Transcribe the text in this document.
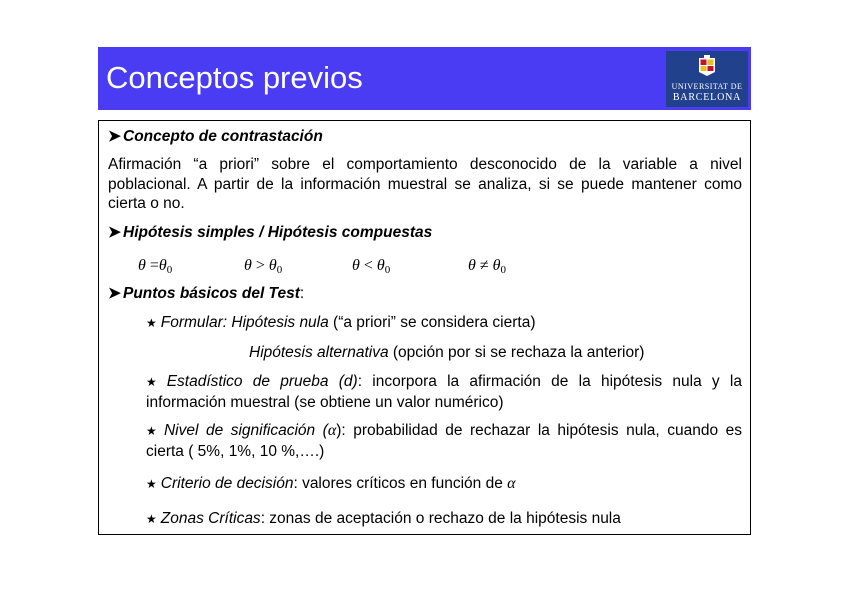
Conceptos previos	UNIVERSITAT DE
BARCELONA
➤ Concepto de contrastación

Afirmación “a priori” sobre el comportamiento desconocido de la variable a nivel poblacional. A partir de la información muestral se analiza, si se puede mantener como cierta o no.

➤ Hipótesis simples / Hipótesis compuestas
$\theta =\theta_0$	$\theta > \theta_0$	$\theta < \theta_0$	$\theta \ne \theta_0$
➤ Puntos básicos del Test:
★ Formular: Hipótesis nula (“a priori” se considera cierta)
Hipótesis alternativa (opción por si se rechaza la anterior)

★ Estadístico de prueba (d): incorpora la afirmación de la hipótesis nula y la información muestral (se obtiene un valor numérico)

★ Nivel de significación (α): probabilidad de rechazar la hipótesis nula, cuando es cierta ( 5%, 1%, 10 %,….)

★ Criterio de decisión: valores críticos en función de α
★ Zonas Críticas: zonas de aceptación o rechazo de la hipótesis nula
